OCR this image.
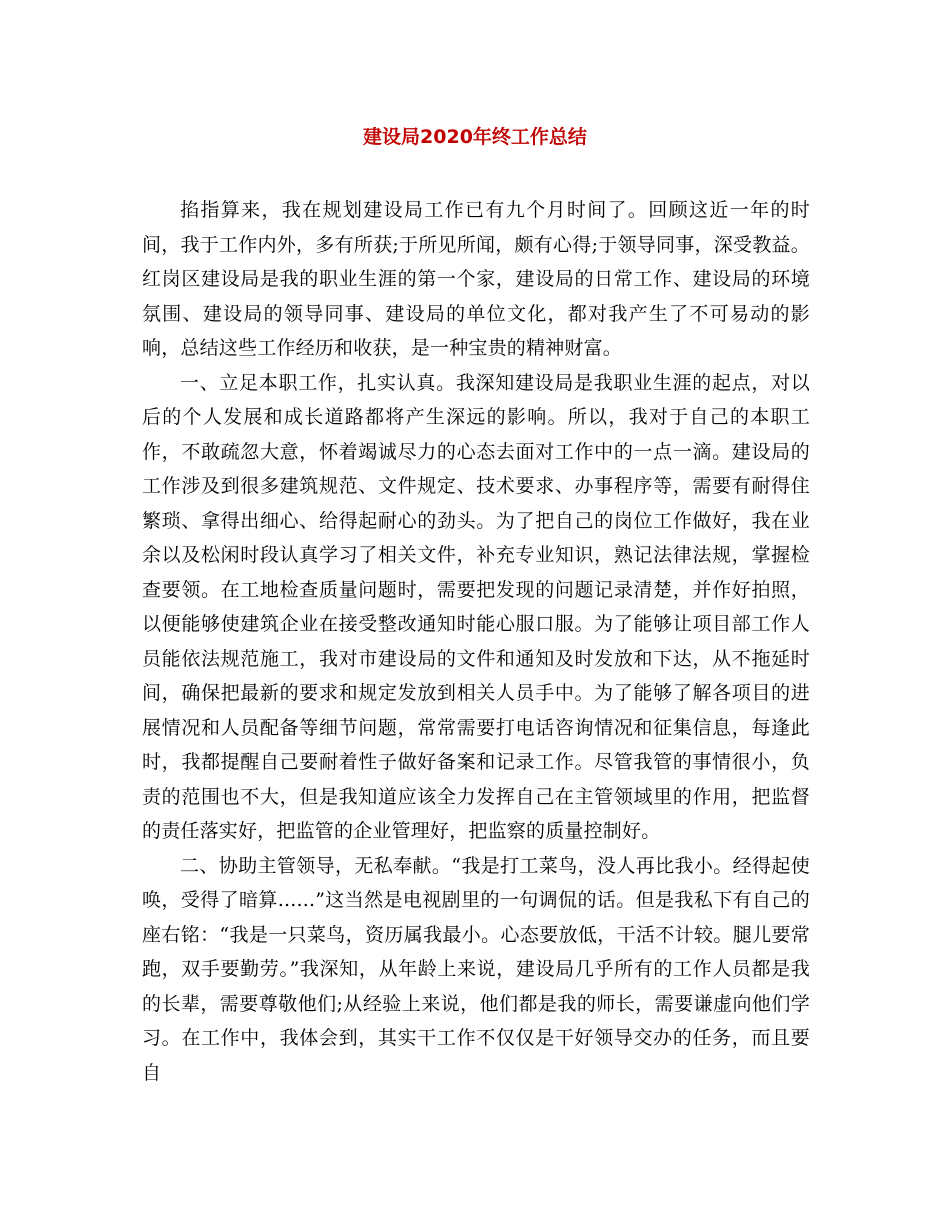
建设局2020年终工作总结

掐指算来，我在规划建设局工作已有九个月时间了。回顾这近一年的时间，我于工作内外，多有所获;于所见所闻，颇有心得;于领导同事，深受教益。红岗区建设局是我的职业生涯的第一个家，建设局的日常工作、建设局的环境氛围、建设局的领导同事、建设局的单位文化，都对我产生了不可易动的影响，总结这些工作经历和收获，是一种宝贵的精神财富。

一、立足本职工作，扎实认真。我深知建设局是我职业生涯的起点，对以后的个人发展和成长道路都将产生深远的影响。所以，我对于自己的本职工作，不敢疏忽大意，怀着竭诚尽力的心态去面对工作中的一点一滴。建设局的工作涉及到很多建筑规范、文件规定、技术要求、办事程序等，需要有耐得住繁琐、拿得出细心、给得起耐心的劲头。为了把自己的岗位工作做好，我在业余以及松闲时段认真学习了相关文件，补充专业知识，熟记法律法规，掌握检查要领。在工地检查质量问题时，需要把发现的问题记录清楚，并作好拍照，以便能够使建筑企业在接受整改通知时能心服口服。为了能够让项目部工作人员能依法规范施工，我对市建设局的文件和通知及时发放和下达，从不拖延时间，确保把最新的要求和规定发放到相关人员手中。为了能够了解各项目的进展情况和人员配备等细节问题，常常需要打电话咨询情况和征集信息，每逢此时，我都提醒自己要耐着性子做好备案和记录工作。尽管我管的事情很小，负责的范围也不大，但是我知道应该全力发挥自己在主管领域里的作用，把监督的责任落实好，把监管的企业管理好，把监察的质量控制好。

二、协助主管领导，无私奉献。“我是打工菜鸟，没人再比我小。经得起使唤，受得了暗算......”这当然是电视剧里的一句调侃的话。但是我私下有自己的座右铭：“我是一只菜鸟，资历属我最小。心态要放低，干活不计较。腿儿要常跑，双手要勤劳。”我深知，从年龄上来说，建设局几乎所有的工作人员都是我的长辈，需要尊敬他们;从经验上来说，他们都是我的师长，需要谦虚向他们学习。在工作中，我体会到，其实干工作不仅仅是干好领导交办的任务，而且要自
